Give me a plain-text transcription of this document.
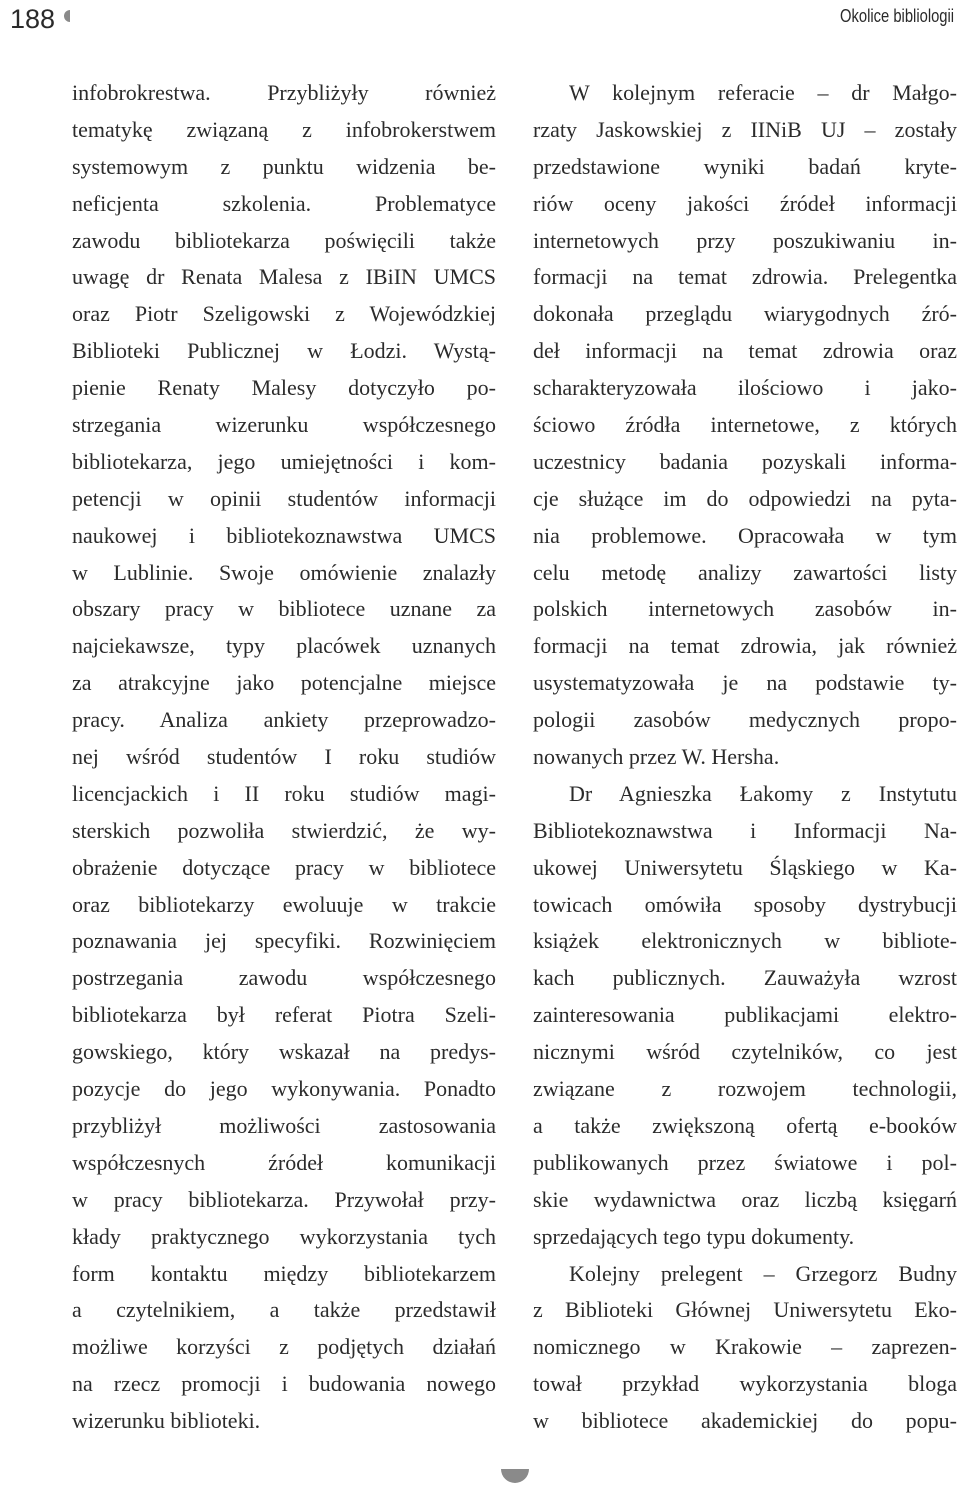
188	Okolice bibliologii

infobrokrestwa. Przybliżyły również
tematykę związaną z infobrokerstwem
systemowym z punktu widzenia be-
neficjenta szkolenia. Problematyce
zawodu bibliotekarza poświęcili także
uwagę dr Renata Malesa z IBiIN UMCS
oraz Piotr Szeligowski z Wojewódzkiej
Biblioteki Publicznej w Łodzi. Wystą-
pienie Renaty Malesy dotyczyło po-
strzegania wizerunku współczesnego
bibliotekarza, jego umiejętności i kom-
petencji w opinii studentów informacji
naukowej i bibliotekoznawstwa UMCS
w Lublinie. Swoje omówienie znalazły
obszary pracy w bibliotece uznane za
najciekawsze, typy placówek uznanych
za atrakcyjne jako potencjalne miejsce
pracy. Analiza ankiety przeprowadzo-
nej wśród studentów I roku studiów
licencjackich i II roku studiów magi-
sterskich pozwoliła stwierdzić, że wy-
obrażenie dotyczące pracy w bibliotece
oraz bibliotekarzy ewoluuje w trakcie
poznawania jej specyfiki. Rozwinięciem
postrzegania zawodu współczesnego
bibliotekarza był referat Piotra Szeli-
gowskiego, który wskazał na predys-
pozycje do jego wykonywania. Ponadto
przybliżył możliwości zastosowania
współczesnych źródeł komunikacji
w pracy bibliotekarza. Przywołał przy-
kłady praktycznego wykorzystania tych
form kontaktu między bibliotekarzem
a czytelnikiem, a także przedstawił
możliwe korzyści z podjętych działań
na rzecz promocji i budowania nowego
wizerunku biblioteki.

W kolejnym referacie – dr Małgo-
rzaty Jaskowskiej z IINiB UJ – zostały
przedstawione wyniki badań kryte-
riów oceny jakości źródeł informacji
internetowych przy poszukiwaniu in-
formacji na temat zdrowia. Prelegentka
dokonała przeglądu wiarygodnych źró-
deł informacji na temat zdrowia oraz
scharakteryzowała ilościowo i jako-
ściowo źródła internetowe, z których
uczestnicy badania pozyskali informa-
cje służące im do odpowiedzi na pyta-
nia problemowe. Opracowała w tym
celu metodę analizy zawartości listy
polskich internetowych zasobów in-
formacji na temat zdrowia, jak również
usystematyzowała je na podstawie ty-
pologii zasobów medycznych propo-
nowanych przez W. Hersha.

Dr Agnieszka Łakomy z Instytutu
Bibliotekoznawstwa i Informacji Na-
ukowej Uniwersytetu Śląskiego w Ka-
towicach omówiła sposoby dystrybucji
książek elektronicznych w bibliote-
kach publicznych. Zauważyła wzrost
zainteresowania publikacjami elektro-
nicznymi wśród czytelników, co jest
związane z rozwojem technologii,
a także zwiększoną ofertą e-booków
publikowanych przez światowe i pol-
skie wydawnictwa oraz liczbą księgarń
sprzedających tego typu dokumenty.

Kolejny prelegent – Grzegorz Budny
z Biblioteki Głównej Uniwersytetu Eko-
nomicznego w Krakowie – zaprezen-
tował przykład wykorzystania bloga
w bibliotece akademickiej do popu-
